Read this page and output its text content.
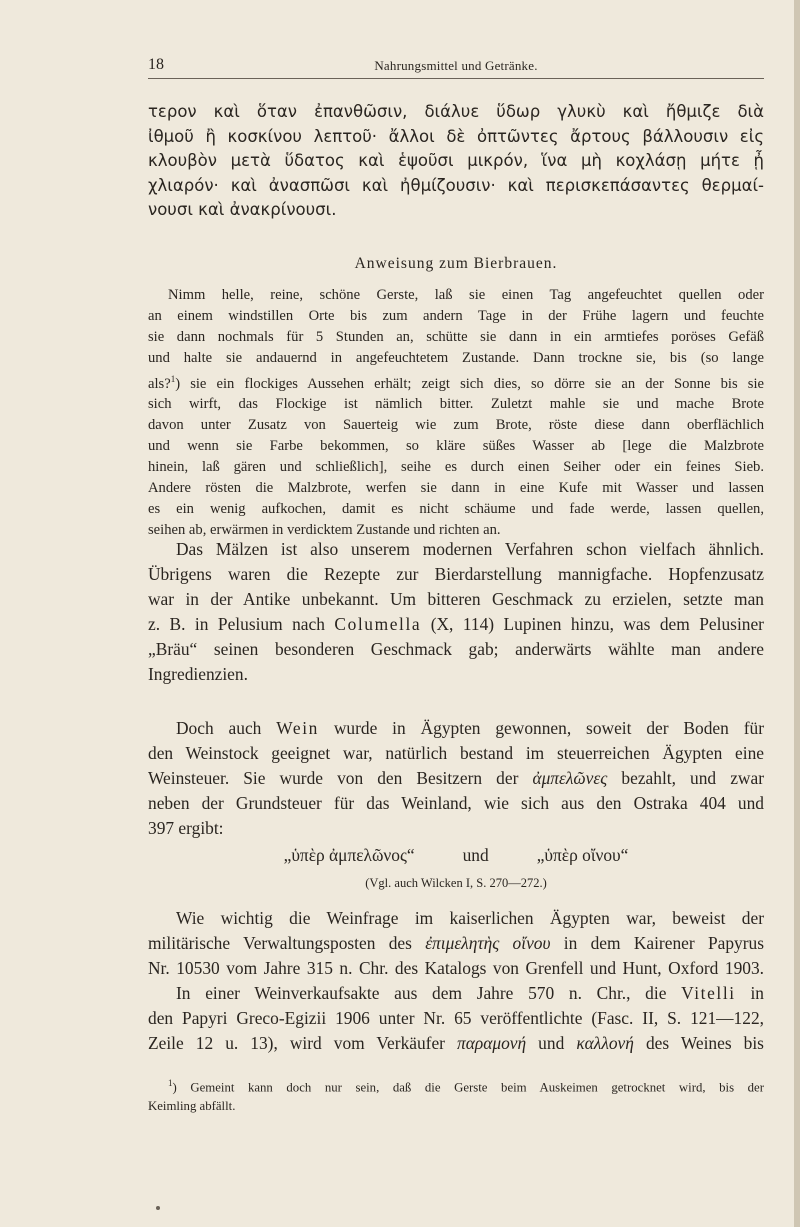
18	Nahrungsmittel und Getränke.
τερον καὶ ὅταν ἐπανθῶσιν, διάλυε ὕδωρ γλυκὺ καὶ ἤθμιζε διὰ
ἰθμοῦ ἢ κοσκίνου λεπτοῦ· ἄλλοι δὲ ὀπτῶντες ἄρτους βάλλουσιν εἰς
κλουβὸν μετὰ ὕδατος καὶ ἑψοῦσι μικρόν, ἵνα μὴ κοχλάσῃ μήτε ᾖ
χλιαρόν· καὶ ἀνασπῶσι καὶ ἠθμίζουσιν· καὶ περισκεπάσαντες θερμαί-
νουσι καὶ ἀνακρίνουσι.
Anweisung zum Bierbrauen.
Nimm helle, reine, schöne Gerste, laß sie einen Tag angefeuchtet quellen oder
an einem windstillen Orte bis zum andern Tage in der Frühe lagern und feuchte
sie dann nochmals für 5 Stunden an, schütte sie dann in ein armtiefes poröses Gefäß
und halte sie andauernd in angefeuchtetem Zustande. Dann trockne sie, bis (so lange
als?$^1$) sie ein flockiges Aussehen erhält; zeigt sich dies, so dörre sie an der Sonne bis sie
sich wirft, das Flockige ist nämlich bitter. Zuletzt mahle sie und mache Brote
davon unter Zusatz von Sauerteig wie zum Brote, röste diese dann oberflächlich
und wenn sie Farbe bekommen, so kläre süßes Wasser ab [lege die Malzbrote
hinein, laß gären und schließlich], seihe es durch einen Seiher oder ein feines Sieb.
Andere rösten die Malzbrote, werfen sie dann in eine Kufe mit Wasser und lassen
es ein wenig aufkochen, damit es nicht schäume und fade werde, lassen quellen,
seihen ab, erwärmen in verdicktem Zustande und richten an.
Das Mälzen ist also unserem modernen Verfahren schon vielfach ähnlich.
Übrigens waren die Rezepte zur Bierdarstellung mannigfache. Hopfenzusatz
war in der Antike unbekannt. Um bitteren Geschmack zu erzielen, setzte man
z. B. in Pelusium nach Columella (X, 114) Lupinen hinzu, was dem Pelusiner
„Bräu“ seinen besonderen Geschmack gab; anderwärts wählte man andere
Ingredienzien.
Doch auch Wein wurde in Ägypten gewonnen, soweit der Boden für
den Weinstock geeignet war, natürlich bestand im steuerreichen Ägypten eine
Weinsteuer. Sie wurde von den Besitzern der ἀμπελῶνες bezahlt, und zwar
neben der Grundsteuer für das Weinland, wie sich aus den Ostraka 404 und
397 ergibt:
„ὑπὲρ ἀμπελῶνος“	und	„ὑπὲρ οἴνου“
(Vgl. auch Wilcken I, S. 270—272.)
Wie wichtig die Weinfrage im kaiserlichen Ägypten war, beweist der
militärische Verwaltungsposten des ἐπιμελητὴς οἴνου in dem Kairener Papyrus
Nr. 10530 vom Jahre 315 n. Chr. des Katalogs von Grenfell und Hunt, Oxford 1903.
In einer Weinverkaufsakte aus dem Jahre 570 n. Chr., die Vitelli in
den Papyri Greco-Egizii 1906 unter Nr. 65 veröffentlichte (Fasc. II, S. 121—122,
Zeile 12 u. 13), wird vom Verkäufer παραμονή und καλλονή des Weines bis
$^1$) Gemeint kann doch nur sein, daß die Gerste beim Auskeimen getrocknet wird, bis der
Keimling abfällt.
